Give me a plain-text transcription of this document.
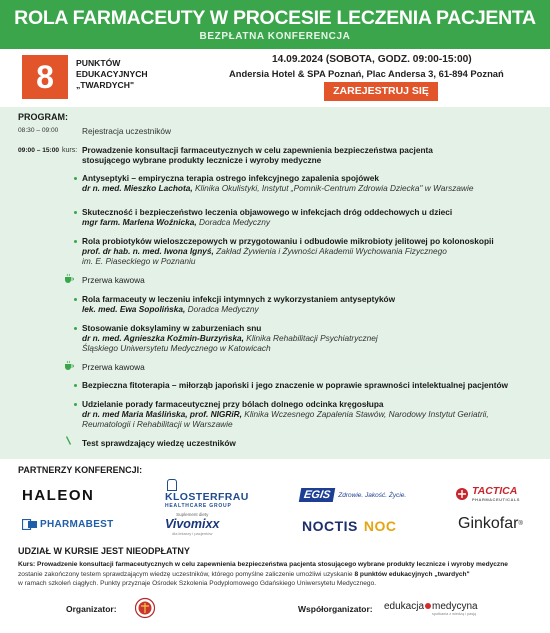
ROLA FARMACEUTY W PROCESIE LECZENIA PACJENTA
BEZPŁATNA KONFERENCJA
8	PUNKTÓW
EDUKACYJNYCH
„TWARDYCH"
14.09.2024 (SOBOTA, GODZ. 09:00-15:00)
Andersia Hotel & SPA Poznań, Plac Andersa 3, 61-894 Poznań
ZAREJESTRUJ SIĘ
PROGRAM:
08:30 – 09:00	Rejestracja uczestników
09:00 – 15:00 kurs: Prowadzenie konsultacji farmaceutycznych w celu zapewnienia bezpieczeństwa pacjenta
stosującego wybrane produkty lecznicze i wyroby medyczne
Antyseptyki – empiryczna terapia ostrego infekcyjnego zapalenia spojówek
dr n. med. Mieszko Lachota, Klinika Okulistyki, Instytut „Pomnik-Centrum Zdrowia Dziecka" w Warszawie
Skuteczność i bezpieczeństwo leczenia objawowego w infekcjach dróg oddechowych u dzieci
mgr farm. Marlena Woźnicka, Doradca Medyczny
Rola probiotyków wieloszczepowych w przygotowaniu i odbudowie mikrobioty jelitowej po kolonoskopii
prof. dr hab. n. med. Iwona Ignyś, Zakład Żywienia i Żywności Akademii Wychowania Fizycznego
im. E. Piaseckiego w Poznaniu
Przerwa kawowa
Rola farmaceuty w leczeniu infekcji intymnych z wykorzystaniem antyseptyków
lek. med. Ewa Sopolińska, Doradca Medyczny
Stosowanie doksylaminy w zaburzeniach snu
dr n. med. Agnieszka Koźmin-Burzyńska, Klinika Rehabilitacji Psychiatrycznej
Śląskiego Uniwersytetu Medycznego w Katowicach
Przerwa kawowa
Bezpieczna fitoterapia – miłorząb japoński i jego znaczenie w poprawie sprawności intelektualnej pacjentów
Udzielanie porady farmaceutycznej przy bólach dolnego odcinka kręgosłupa
dr n. med Maria Maślińska, prof. NIGRiR, Klinika Wczesnego Zapalenia Stawów, Narodowy Instytut Geriatrii,
Reumatologii i Rehabilitacji w Warszawie
Test sprawdzający wiedzę uczestników
PARTNERZY KONFERENCJI:
HALEON	KLOSTERFRAU
HEALTHCARE GROUP
EGIS	Zdrowie. Jakość. Życie.	TACTICA
PHARMACEUTICALS
PHARMABEST
Suplement diety
Vivomixx
dla lekarzy i pacjentów	NOCTIS NOC	Ginkofar ®
UDZIAŁ W KURSIE JEST NIEODPŁATNY
Kurs: Prowadzenie konsultacji farmaceutycznych w celu zapewnienia bezpieczeństwa pacjenta stosującego wybrane produkty lecznicze i wyroby medyczne
zostanie zakończony testem sprawdzającym wiedzę uczestników, którego pomyślne zaliczenie umożliwi uzyskanie 8 punktów edukacyjnych „twardych"
w ramach szkoleń ciągłych. Punkty przyznaje Ośrodek Szkolenia Podyplomowego Gdańskiego Uniwersytetu Medycznego.
Organizator:	Współorganizator: edukacja medycyna
spotkania z wiedzą i pasją
